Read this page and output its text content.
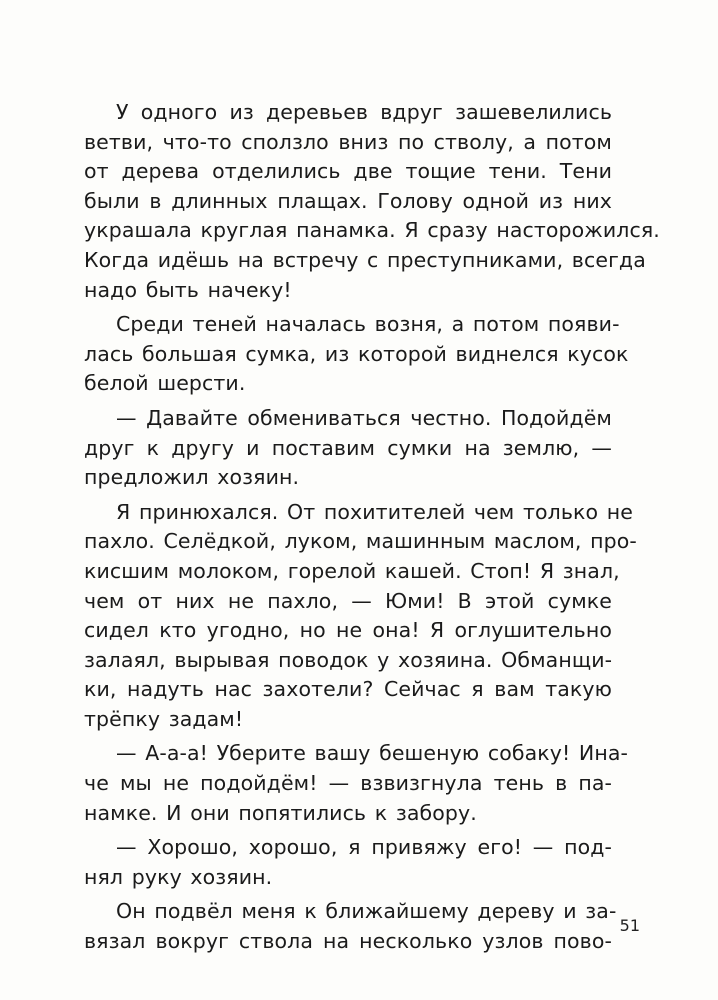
У одного из деревьев вдруг зашевелились
ветви, что-то сползло вниз по стволу, а потом
от дерева отделились две тощие тени. Тени
были в длинных плащах. Голову одной из них
украшала круглая панамка. Я сразу насторожился.
Когда идёшь на встречу с преступниками, всегда
надо быть начеку!
Среди теней началась возня, а потом появи-
лась большая сумка, из которой виднелся кусок
белой шерсти.
— Давайте обмениваться честно. Подойдём
друг к другу и поставим сумки на землю, —
предложил хозяин.
Я принюхался. От похитителей чем только не
пахло. Селёдкой, луком, машинным маслом, про-
кисшим молоком, горелой кашей. Стоп! Я знал,
чем от них не пахло, — Юми! В этой сумке
сидел кто угодно, но не она! Я оглушительно
залаял, вырывая поводок у хозяина. Обманщи-
ки, надуть нас захотели? Сейчас я вам такую
трёпку задам!
— А-а-а! Уберите вашу бешеную собаку! Ина-
че мы не подойдём! — взвизгнула тень в па-
намке. И они попятились к забору.
— Хорошо, хорошо, я привяжу его! — под-
нял руку хозяин.
Он подвёл меня к ближайшему дереву и за-
вязал вокруг ствола на несколько узлов пово-
51
